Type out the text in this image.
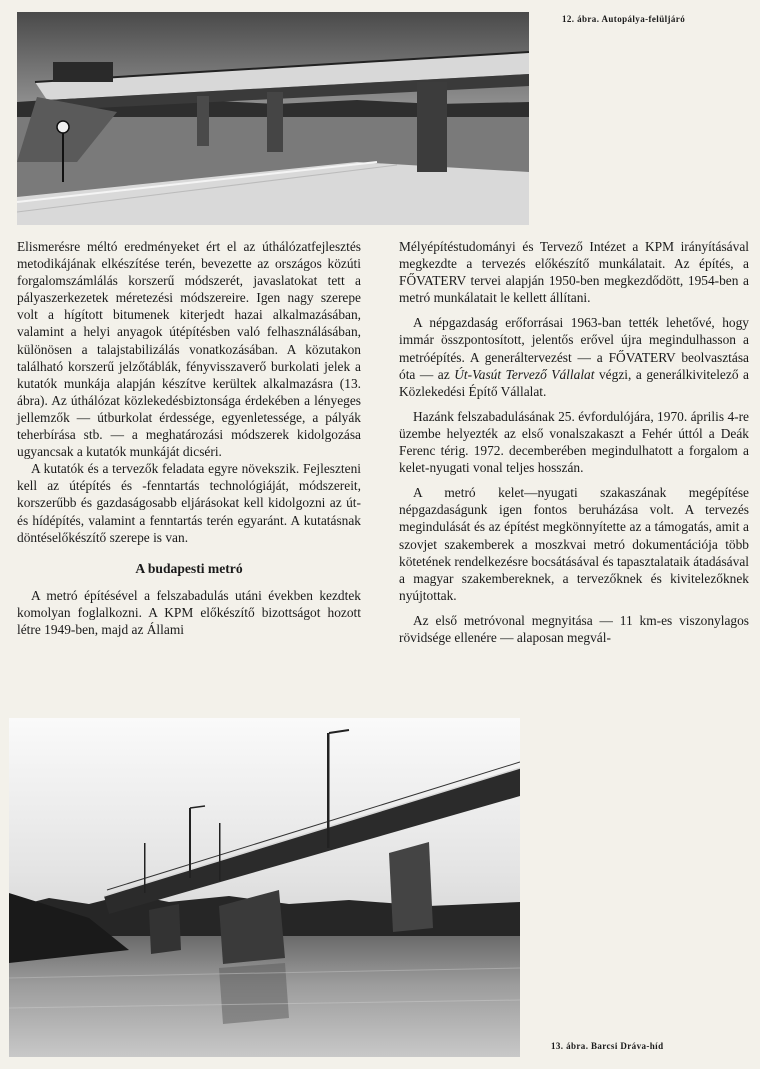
12. ábra. Autopálya-felüljáró

Elismerésre méltó eredményeket ért el az úthálózatfejlesztés metodikájának elkészítése terén, bevezette az országos közúti forgalomszámlálás korszerű módszerét, javaslatokat tett a pályaszerkezetek méretezési módszereire. Igen nagy szerepe volt a hígított bitumenek kiterjedt hazai alkalmazásában, valamint a helyi anyagok útépítésben való felhasználásában, különösen a talajstabilizálás vonatkozásában. A közutakon található korszerű jelzőtáblák, fényvisszaverő burkolati jelek a kutatók munkája alapján készítve kerültek alkalmazásra (13. ábra). Az úthálózat közlekedésbiztonsága érdekében a lényeges jellemzők — útburkolat érdessége, egyenletessége, a pályák teherbírása stb. — a meghatározási módszerek kidolgozása ugyancsak a kutatók munkáját dicséri.

A kutatók és a tervezők feladata egyre növekszik. Fejleszteni kell az útépítés és -fenntartás technológiáját, módszereit, korszerűbb és gazdaságosabb eljárásokat kell kidolgozni az út- és hídépítés, valamint a fenntartás terén egyaránt. A kutatásnak döntéselőkészítő szerepe is van.

A budapesti metró

A metró építésével a felszabadulás utáni években kezdtek komolyan foglalkozni. A KPM előkészítő bizottságot hozott létre 1949-ben, majd az Állami

Mélyépítéstudományi és Tervező Intézet a KPM irányításával megkezdte a tervezés előkészítő munkálatait. Az építés, a FŐVATERV tervei alapján 1950-ben megkezdődött, 1954-ben a metró munkálatait le kellett állítani.

A népgazdaság erőforrásai 1963-ban tették lehetővé, hogy immár összpontosított, jelentős erővel újra megindulhasson a metróépítés. A generáltervezést — a FŐVATERV beolvasztása óta — az Út-Vasút Tervező Vállalat végzi, a generálkivitelező a Közlekedési Építő Vállalat.

Hazánk felszabadulásának 25. évfordulójára, 1970. április 4-re üzembe helyezték az első vonalszakaszt a Fehér úttól a Deák Ferenc térig. 1972. decemberében megindulhatott a forgalom a kelet-nyugati vonal teljes hosszán.

A metró kelet—nyugati szakaszának megépítése népgazdaságunk igen fontos beruházása volt. A tervezés megindulását és az építést megkönnyítette az a támogatás, amit a szovjet szakemberek a moszkvai metró dokumentációja több kötetének rendelkezésre bocsátásával és tapasztalataik átadásával a magyar szakembereknek, a tervezőknek és kivitelezőknek nyújtottak.

Az első metróvonal megnyitása — 11 km-es viszonylagos rövidsége ellenére — alaposan megvál-

13. ábra. Barcsi Dráva-híd
